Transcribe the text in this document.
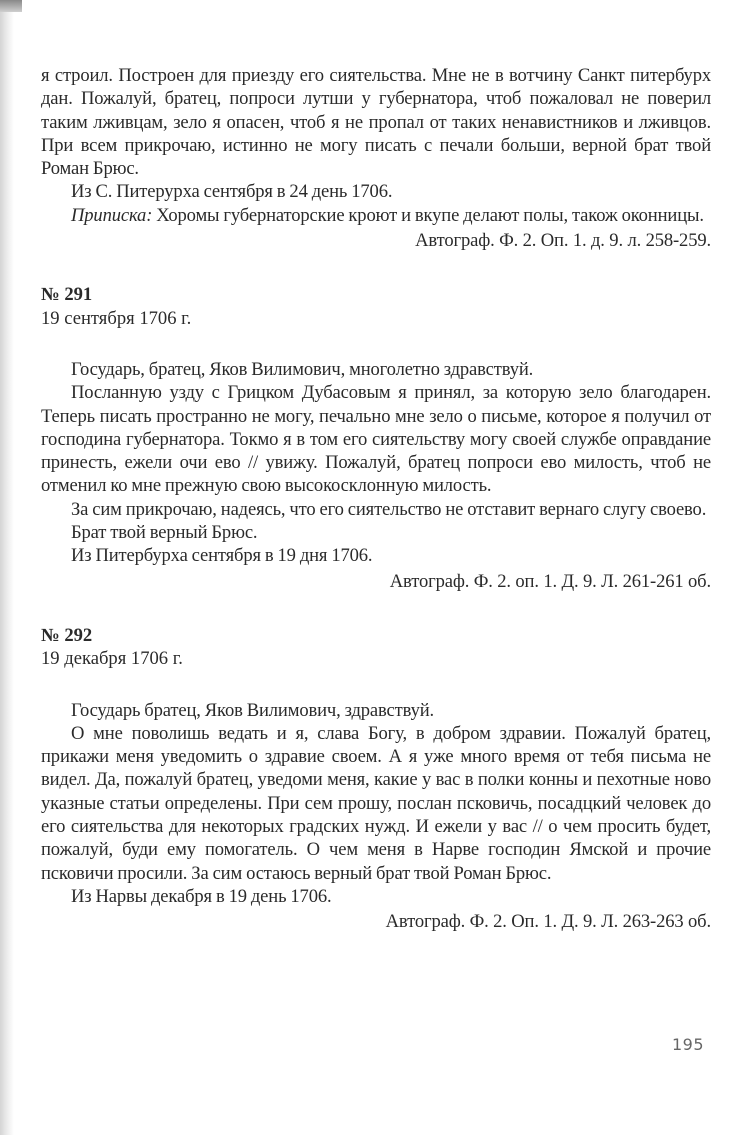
я строил. Построен для приезду его сиятельства. Мне не в вотчину Санкт питербурх дан. Пожалуй, братец, попроси лутши у губернатора, чтоб пожаловал не поверил таким лживцам, зело я опасен, чтоб я не пропал от таких ненавистников и лживцов. При всем прикрочаю, истинно не могу писать с печали больши, верной брат твой Роман Брюс.

Из С. Питерурха сентября в 24 день 1706.

Приписка: Хоромы губернаторские кроют и вкупе делают полы, також оконницы.

Автограф. Ф. 2. Оп. 1. д. 9. л. 258-259.

№ 291

19 сентября 1706 г.

Государь, братец, Яков Вилимович, многолетно здравствуй.

Посланную узду с Грицком Дубасовым я принял, за которую зело благодарен. Теперь писать пространно не могу, печально мне зело о письме, которое я получил от господина губернатора. Токмо я в том его сиятельству могу своей службе оправдание принесть, ежели очи ево // увижу. Пожалуй, братец попроси ево милость, чтоб не отменил ко мне прежную свою высокосклонную милость.

За сим прикрочаю, надеясь, что его сиятельство не отставит вернаго слугу своево.

Брат твой верный Брюс.

Из Питербурха сентября в 19 дня 1706.

Автограф. Ф. 2. оп. 1. Д. 9. Л. 261-261 об.

№ 292

19 декабря 1706 г.

Государь братец, Яков Вилимович, здравствуй.

О мне поволишь ведать и я, слава Богу, в добром здравии. Пожалуй братец, прикажи меня уведомить о здравие своем. А я уже много время от тебя письма не видел. Да, пожалуй братец, уведоми меня, какие у вас в полки конны и пехотные ново указные статьи определены. При сем прошу, послан псковичь, посадцкий человек до его сиятельства для некоторых градских нужд. И ежели у вас // о чем просить будет, пожалуй, буди ему помогатель. О чем меня в Нарве господин Ямской и прочие псковичи просили. За сим остаюсь верный брат твой Роман Брюс.

Из Нарвы декабря в 19 день 1706.

Автограф. Ф. 2. Оп. 1. Д. 9. Л. 263-263 об.

195
